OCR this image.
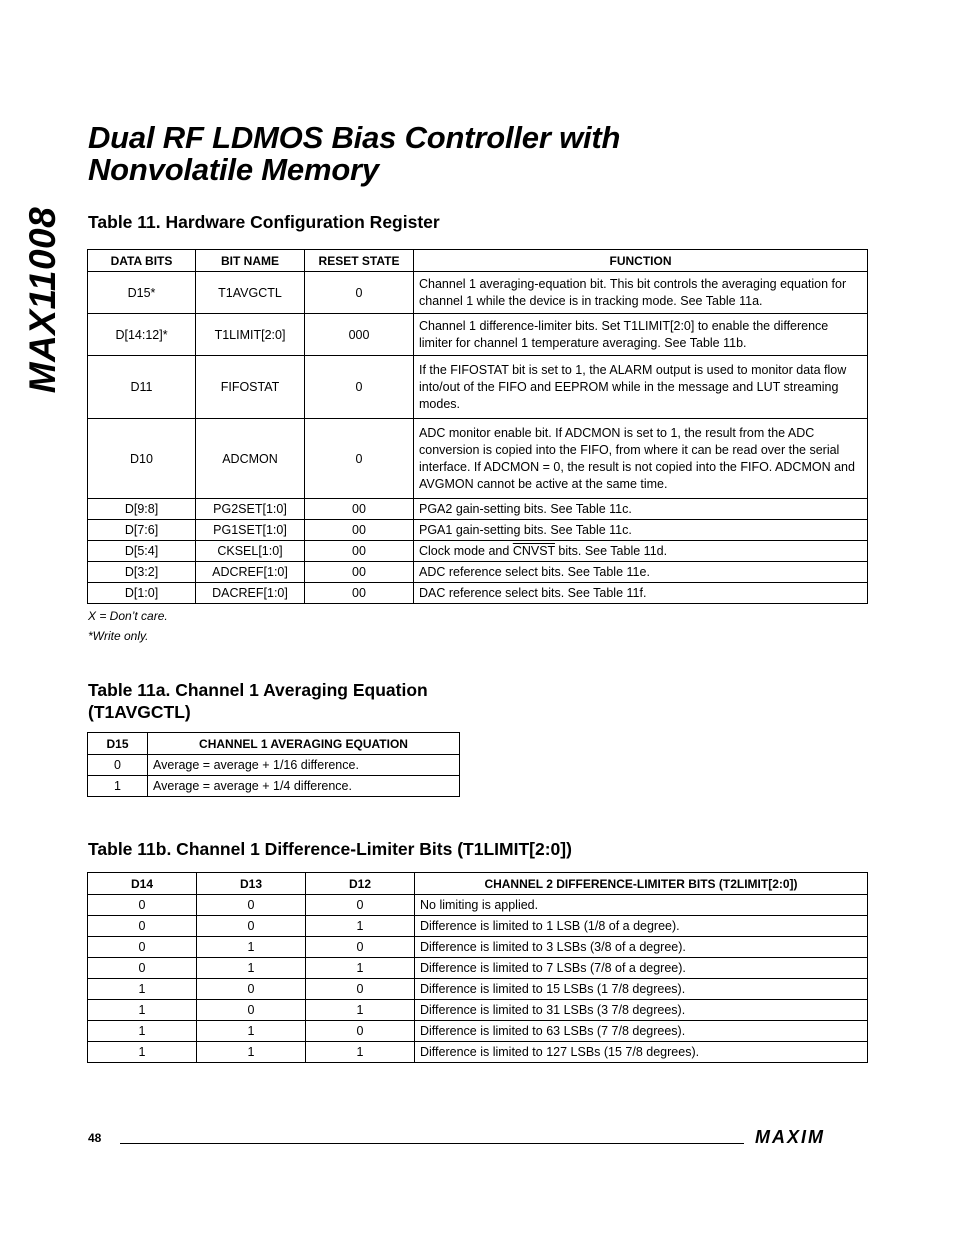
MAX11008
Dual RF LDMOS Bias Controller with
Nonvolatile Memory
Table 11. Hardware Configuration Register
DATA BITS	BIT NAME	RESET STATE	FUNCTION
D15*	T1AVGCTL	0	Channel 1 averaging-equation bit. This bit controls the averaging equation for channel 1 while the device is in tracking mode. See Table 11a.
D[14:12]*	T1LIMIT[2:0]	000	Channel 1 difference-limiter bits. Set T1LIMIT[2:0] to enable the difference limiter for channel 1 temperature averaging. See Table 11b.
D11	FIFOSTAT	0	If the FIFOSTAT bit is set to 1, the ALARM output is used to monitor data flow into/out of the FIFO and EEPROM while in the message and LUT streaming modes.
D10	ADCMON	0	ADC monitor enable bit. If ADCMON is set to 1, the result from the ADC conversion is copied into the FIFO, from where it can be read over the serial interface. If ADCMON = 0, the result is not copied into the FIFO. ADCMON and AVGMON cannot be active at the same time.
D[9:8]	PG2SET[1:0]	00	PGA2 gain-setting bits. See Table 11c.
D[7:6]	PG1SET[1:0]	00	PGA1 gain-setting bits. See Table 11c.
D[5:4]	CKSEL[1:0]	00	Clock mode and CNVST bits. See Table 11d.
D[3:2]	ADCREF[1:0]	00	ADC reference select bits. See Table 11e.
D[1:0]	DACREF[1:0]	00	DAC reference select bits. See Table 11f.
X = Don’t care.
*Write only.
Table 11a. Channel 1 Averaging Equation
(T1AVGCTL)
D15	CHANNEL 1 AVERAGING EQUATION
0	Average = average + 1/16 difference.
1	Average = average + 1/4 difference.
Table 11b. Channel 1 Difference-Limiter Bits (T1LIMIT[2:0])
D14	D13	D12	CHANNEL 2 DIFFERENCE-LIMITER BITS (T2LIMIT[2:0])
0	0	0	No limiting is applied.
0	0	1	Difference is limited to 1 LSB (1/8 of a degree).
0	1	0	Difference is limited to 3 LSBs (3/8 of a degree).
0	1	1	Difference is limited to 7 LSBs (7/8 of a degree).
1	0	0	Difference is limited to 15 LSBs (1 7/8 degrees).
1	0	1	Difference is limited to 31 LSBs (3 7/8 degrees).
1	1	0	Difference is limited to 63 LSBs (7 7/8 degrees).
1	1	1	Difference is limited to 127 LSBs (15 7/8 degrees).
48	MAXIM
